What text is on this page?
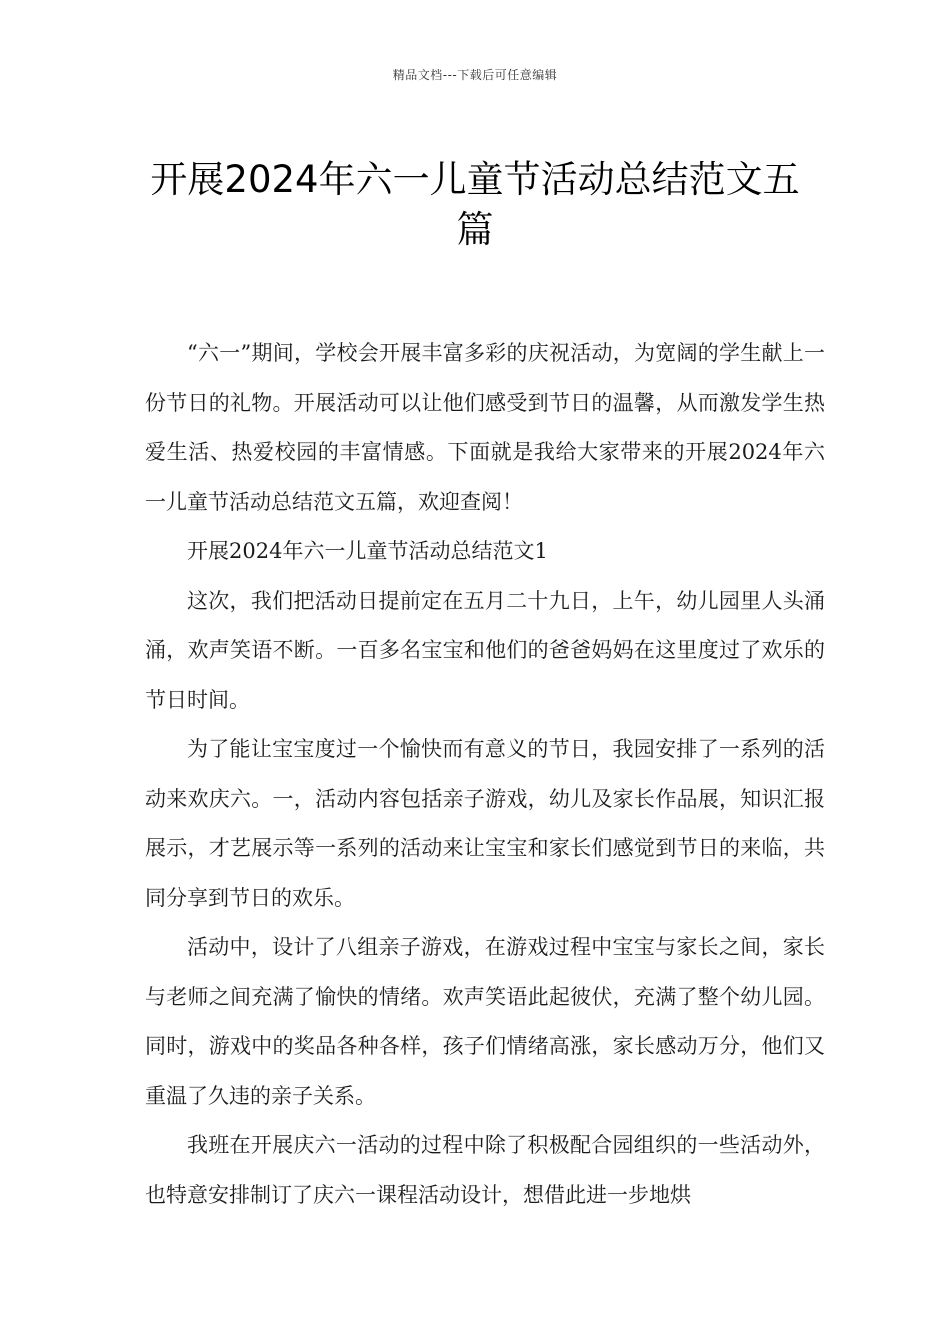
精品文档---下载后可任意编辑
开展2024年六一儿童节活动总结范文五篇

“六一”期间，学校会开展丰富多彩的庆祝活动，为宽阔的学生献上一份节日的礼物。开展活动可以让他们感受到节日的温馨，从而激发学生热爱生活、热爱校园的丰富情感。下面就是我给大家带来的开展2024年六一儿童节活动总结范文五篇，欢迎查阅！

开展2024年六一儿童节活动总结范文1

这次，我们把活动日提前定在五月二十九日，上午，幼儿园里人头涌涌，欢声笑语不断。一百多名宝宝和他们的爸爸妈妈在这里度过了欢乐的节日时间。

为了能让宝宝度过一个愉快而有意义的节日，我园安排了一系列的活动来欢庆六。一，活动内容包括亲子游戏，幼儿及家长作品展，知识汇报展示，才艺展示等一系列的活动来让宝宝和家长们感觉到节日的来临，共同分享到节日的欢乐。

活动中，设计了八组亲子游戏，在游戏过程中宝宝与家长之间，家长与老师之间充满了愉快的情绪。欢声笑语此起彼伏，充满了整个幼儿园。同时，游戏中的奖品各种各样，孩子们情绪高涨，家长感动万分，他们又重温了久违的亲子关系。

我班在开展庆六一活动的过程中除了积极配合园组织的一些活动外，也特意安排制订了庆六一课程活动设计，想借此进一步地烘
